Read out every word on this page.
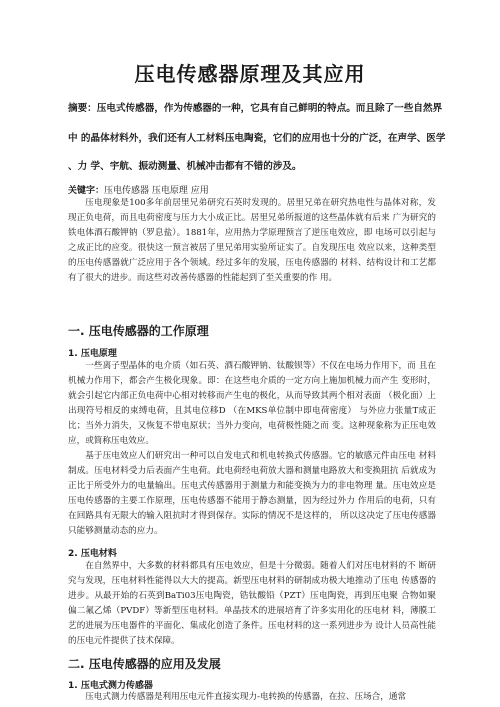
压电传感器原理及其应用
摘要：压电式传感器，作为传感器的一种，它具有自己鲜明的特点。而且除了一些自然界
中 的晶体材料外，我们还有人工材料压电陶瓷，它们的应用也十分的广泛，在声学、医学
、力 学、宇航、振动测量、机械冲击都有不错的涉及。
关键字：压电传感器 压电原理 应用

压电现象是100多年前居里兄弟研究石英时发现的。居里兄弟在研究热电性与晶体对称，发现正负电荷，而且电荷密度与压力大小成正比。居里兄弟所报道的这些晶体就有后来 广为研究的铁电体酒石酸钾钠（罗息盐）。1881年，应用热力学原理预言了逆压电效应，即 电场可以引起与之成正比的应变。很快这一预言被居了里兄弟用实验所证实了。自发现压电 效应以来，这种类型的压电传感器就广泛应用于各个领域。经过多年的发展，压电传感器的 材料、结构设计和工艺都有了很大的进步。而这些对改善传感器的性能起到了至关重要的作 用。

一. 压电传感器的工作原理
1. 压电原理

一些离子型晶体的电介质（如石英、酒石酸钾钠、钛酸钡等）不仅在电场力作用下，而 且在机械力作用下，都会产生极化现象。即：在这些电介质的一定方向上施加机械力而产生 变形时，就会引起它内部正负电荷中心相对转移而产生电的极化，从而导致其两个相对表面 （极化面）上出现符号相反的束缚电荷，且其电位移D （在MKS单位制中即电荷密度） 与外应力张量T成正比；当外力消失，又恢复不带电原状；当外力变向，电荷极性随之而 变。这种现象称为正压电效应，或简称压电效应。

基于压电效应人们研究出一种可以自发电式和机电转换式传感器。它的敏感元件由压电 材料制成。压电材料受力后表面产生电荷。此电荷经电荷放大器和测量电路放大和变换阻抗 后就成为正比于所受外力的电量输出。压电式传感器用于测量力和能变换为力的非电物理 量。压电效应是压电传感器的主要工作原理，压电传感器不能用于静态测量，因为经过外力 作用后的电荷，只有在回路具有无限大的输入阻抗时才得到保存。实际的情况不是这样的， 所以这决定了压电传感器只能够测量动态的应力。

2. 压电材料

在自然界中，大多数的材料都具有压电效应，但是十分微弱。随着人们对压电材料的不 断研究与发现，压电材料性能得以大大的提高。新型压电材料的研制成功极大地推动了压电 传感器的进步。从最开始的石英到BaTi03压电陶瓷，锆钛酸铅（PZT）压电陶瓷，再到压电聚 合物如聚偏二氟乙烯（PVDF）等新型压电材料。单晶技术的进展培育了许多实用化的压电材 料，薄膜工艺的进展为压电器件的平面化、集成化创造了条件。压电材料的这一系列进步为 设计人员高性能的压电元件提供了技术保障。

二. 压电传感器的应用及发展
1. 压电式测力传感器

压电式测力传感器是利用压电元件直接实现力-电转换的传感器，在拉、压场合，通常
